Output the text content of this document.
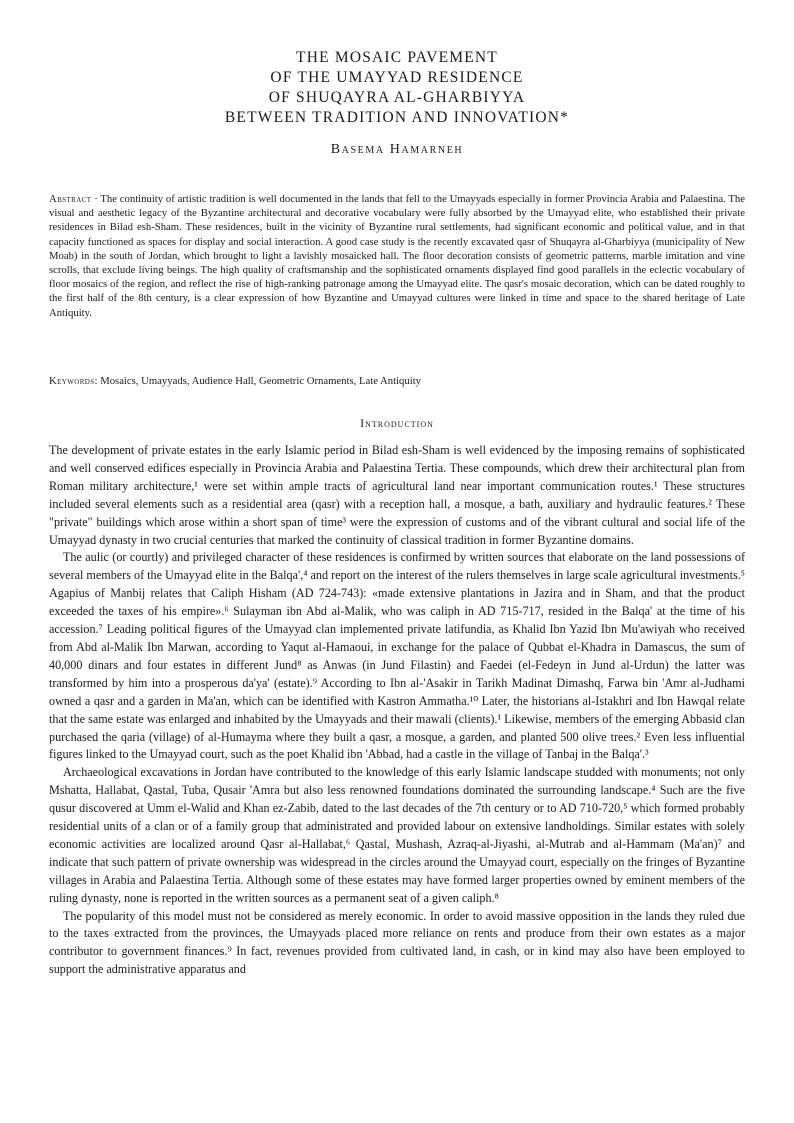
THE MOSAIC PAVEMENT
OF THE UMAYYAD RESIDENCE
OF SHUQAYRA AL-GHARBIYYA
BETWEEN TRADITION AND INNOVATION*
Basema Hamarneh
Abstract · The continuity of artistic tradition is well documented in the lands that fell to the Umayyads especially in former Provincia Arabia and Palaestina. The visual and aesthetic legacy of the Byzantine architectural and decorative vocabulary were fully absorbed by the Umayyad elite, who established their private residences in Bilad esh-Sham. These residences, built in the vicinity of Byzantine rural settlements, had significant economic and political value, and in that capacity functioned as spaces for display and social interaction. A good case study is the recently excavated qasr of Shuqayra al-Gharbiyya (municipality of New Moab) in the south of Jordan, which brought to light a lavishly mosaicked hall. The floor decoration consists of geometric patterns, marble imitation and vine scrolls, that exclude living beings. The high quality of craftsmanship and the sophisticated ornaments displayed find good parallels in the eclectic vocabulary of floor mosaics of the region, and reflect the rise of high-ranking patronage among the Umayyad elite. The qasr's mosaic decoration, which can be dated roughly to the first half of the 8th century, is a clear expression of how Byzantine and Umayyad cultures were linked in time and space to the shared heritage of Late Antiquity.
Keywords: Mosaics, Umayyads, Audience Hall, Geometric Ornaments, Late Antiquity
Introduction

The development of private estates in the early Islamic period in Bilad esh-Sham is well evidenced by the imposing remains of sophisticated and well conserved edifices especially in Provincia Arabia and Palaestina Tertia. These compounds, which drew their architectural plan from Roman military architecture,¹ were set within ample tracts of agricultural land near important communication routes.¹ These structures included several elements such as a residential area (qasr) with a reception hall, a mosque, a bath, auxiliary and hydraulic features.² These "private" buildings which arose within a short span of time³ were the expression of customs and of the vibrant cultural and social life of the Umayyad dynasty in two crucial centuries that marked the continuity of classical tradition in former Byzantine domains.

The aulic (or courtly) and privileged character of these residences is confirmed by written sources that elaborate on the land possessions of several members of the Umayyad elite in the Balqa',⁴ and report on the interest of the rulers themselves in large scale agricultural investments.⁵ Agapius of Manbij relates that Caliph Hisham (AD 724-743): «made extensive plantations in Jazira and in Sham, and that the product exceeded the taxes of his empire».⁶ Sulayman ibn Abd al-Malik, who was caliph in AD 715-717, resided in the Balqa' at the time of his accession.⁷ Leading political figures of the Umayyad clan implemented private latifundia, as Khalid Ibn Yazid Ibn Mu'awiyah who received from Abd al-Malik Ibn Marwan, according to Yaqut al-Hamaoui, in exchange for the palace of Qubbat el-Khadra in Damascus, the sum of 40,000 dinars and four estates in different Jund⁸ as Anwas (in Jund Filastin) and Faedei (el-Fedeyn in Jund al-Urdun) the latter was transformed by him into a prosperous da'ya' (estate).⁹ According to Ibn al-'Asakir in Tarikh Madinat Dimashq, Farwa bin 'Amr al-Judhami owned a qasr and a garden in Ma'an, which can be identified with Kastron Ammatha.¹⁰ Later, the historians al-Istakhri and Ibn Hawqal relate that the same estate was enlarged and inhabited by the Umayyads and their mawali (clients).¹ Likewise, members of the emerging Abbasid clan purchased the qaria (village) of al-Humayma where they built a qasr, a mosque, a garden, and planted 500 olive trees.² Even less influential figures linked to the Umayyad court, such as the poet Khalid ibn 'Abbad, had a castle in the village of Tanbaj in the Balqa'.³

Archaeological excavations in Jordan have contributed to the knowledge of this early Islamic landscape studded with monuments; not only Mshatta, Hallabat, Qastal, Tuba, Qusair 'Amra but also less renowned foundations dominated the surrounding landscape.⁴ Such are the five qusur discovered at Umm el-Walid and Khan ez-Zabib, dated to the last decades of the 7th century or to AD 710-720,⁵ which formed probably residential units of a clan or of a family group that administrated and provided labour on extensive landholdings. Similar estates with solely economic activities are localized around Qasr al-Hallabat,⁶ Qastal, Mushash, Azraq-al-Jiyashi, al-Mutrab and al-Hammam (Ma'an)⁷ and indicate that such pattern of private ownership was widespread in the circles around the Umayyad court, especially on the fringes of Byzantine villages in Arabia and Palaestina Tertia. Although some of these estates may have formed larger properties owned by eminent members of the ruling dynasty, none is reported in the written sources as a permanent seat of a given caliph.⁸

The popularity of this model must not be considered as merely economic. In order to avoid massive opposition in the lands they ruled due to the taxes extracted from the provinces, the Umayyads placed more reliance on rents and produce from their own estates as a major contributor to government finances.⁹ In fact, revenues provided from cultivated land, in cash, or in kind may also have been employed to support the administrative apparatus and
